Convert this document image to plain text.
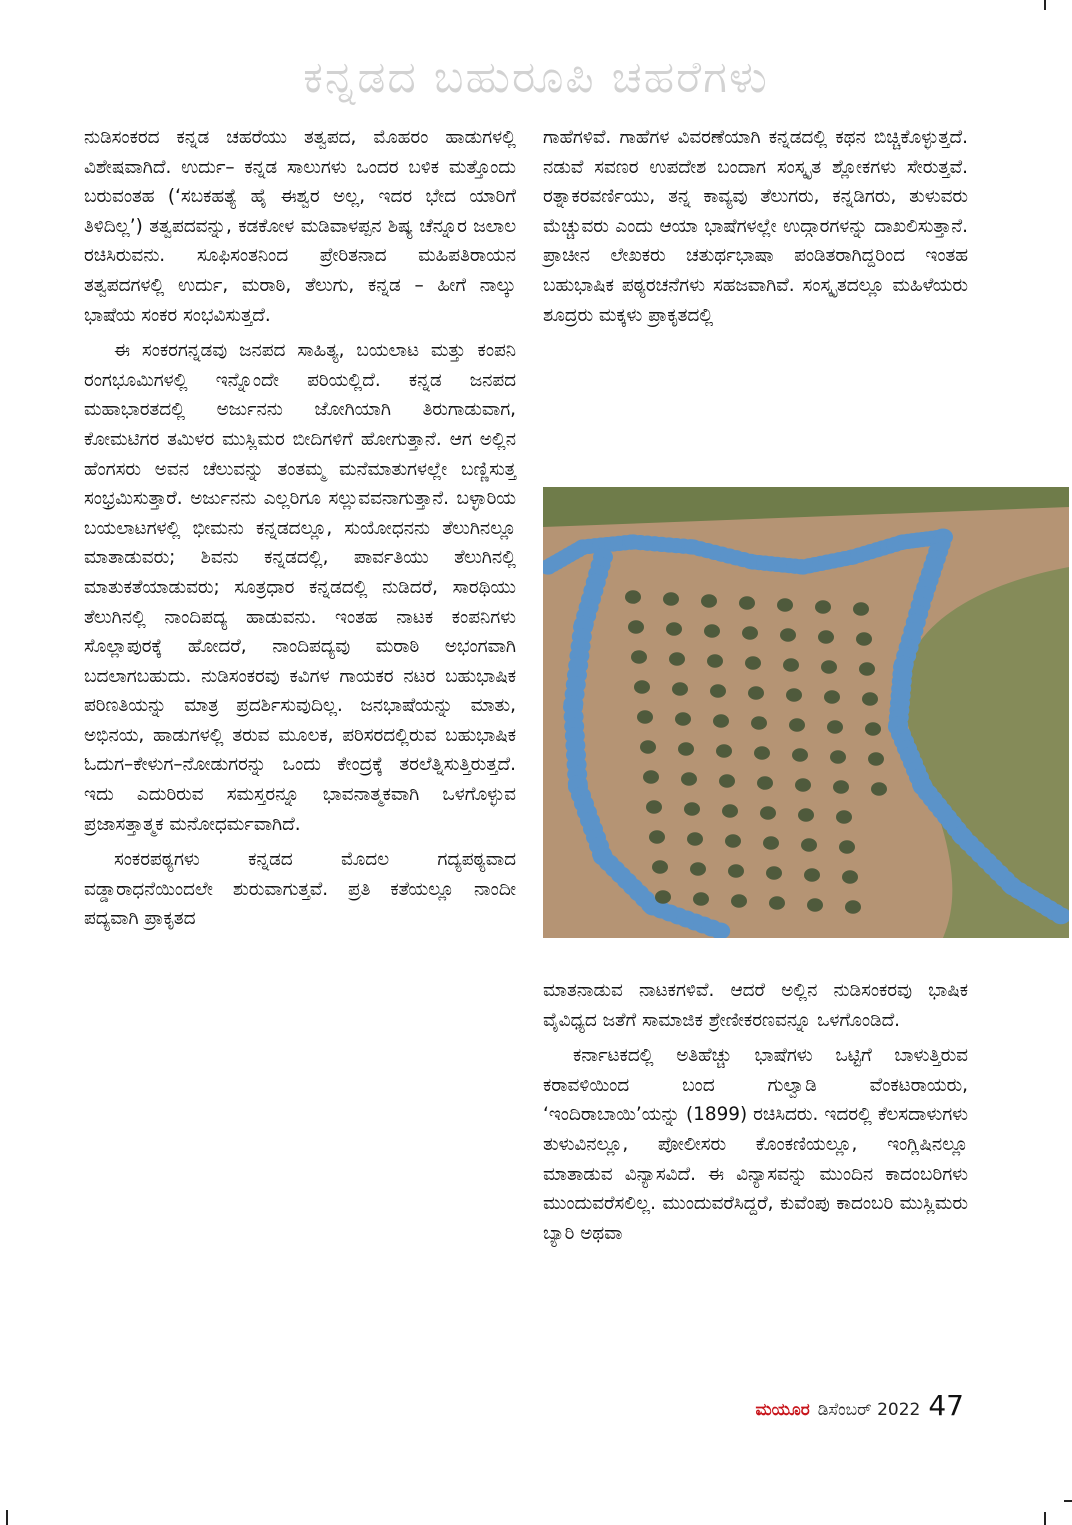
ಕನ್ನಡದ ಬಹುರೂಪಿ ಚಹರೆಗಳು

ನುಡಿಸಂಕರದ ಕನ್ನಡ ಚಹರೆಯು ತತ್ವಪದ, ಮೊಹರಂ ಹಾಡುಗಳಲ್ಲಿ ವಿಶೇಷವಾಗಿದೆ. ಉರ್ದು– ಕನ್ನಡ ಸಾಲುಗಳು ಒಂದರ ಬಳಿಕ ಮತ್ತೊಂದು ಬರುವಂತಹ (‘ಸಬಕಹತ್ಯೆ ಹೈ ಈಶ್ವರ ಅಲ್ಲ, ಇದರ ಭೇದ ಯಾರಿಗೆ ತಿಳಿದಿಲ್ಲ’) ತತ್ವಪದವನ್ನು, ಕಡಕೋಳ ಮಡಿವಾಳಪ್ಪನ ಶಿಷ್ಯ ಚೆನ್ನೂರ ಜಲಾಲ ರಚಿಸಿರುವನು. ಸೂಫಿಸಂತನಿಂದ ಪ್ರೇರಿತನಾದ ಮಹಿಪತಿರಾಯನ ತತ್ವಪದಗಳಲ್ಲಿ ಉರ್ದು, ಮರಾಠಿ, ತೆಲುಗು, ಕನ್ನಡ – ಹೀಗೆ ನಾಲ್ಕು ಭಾಷೆಯ ಸಂಕರ ಸಂಭವಿಸುತ್ತದೆ.

ಈ ಸಂಕರಗನ್ನಡವು ಜನಪದ ಸಾಹಿತ್ಯ, ಬಯಲಾಟ ಮತ್ತು ಕಂಪನಿ ರಂಗಭೂಮಿಗಳಲ್ಲಿ ಇನ್ನೊಂದೇ ಪರಿಯಲ್ಲಿದೆ. ಕನ್ನಡ ಜನಪದ ಮಹಾಭಾರತದಲ್ಲಿ ಅರ್ಜುನನು ಜೋಗಿಯಾಗಿ ತಿರುಗಾಡುವಾಗ, ಕೋಮಟಿಗರ ತಮಿಳರ ಮುಸ್ಲಿಮರ ಬೀದಿಗಳಿಗೆ ಹೋಗುತ್ತಾನೆ. ಆಗ ಅಲ್ಲಿನ ಹೆಂಗಸರು ಅವನ ಚೆಲುವನ್ನು ತಂತಮ್ಮ ಮನೆಮಾತುಗಳಲ್ಲೇ ಬಣ್ಣಿಸುತ್ತ ಸಂಭ್ರಮಿಸುತ್ತಾರೆ. ಅರ್ಜುನನು ಎಲ್ಲರಿಗೂ ಸಲ್ಲುವವನಾಗುತ್ತಾನೆ. ಬಳ್ಳಾರಿಯ ಬಯಲಾಟಗಳಲ್ಲಿ ಭೀಮನು ಕನ್ನಡದಲ್ಲೂ, ಸುಯೋಧನನು ತೆಲುಗಿನಲ್ಲೂ ಮಾತಾಡುವರು; ಶಿವನು ಕನ್ನಡದಲ್ಲಿ, ಪಾರ್ವತಿಯು ತೆಲುಗಿನಲ್ಲಿ ಮಾತುಕತೆಯಾಡುವರು; ಸೂತ್ರಧಾರ ಕನ್ನಡದಲ್ಲಿ ನುಡಿದರೆ, ಸಾರಥಿಯು ತೆಲುಗಿನಲ್ಲಿ ನಾಂದಿಪದ್ಯ ಹಾಡುವನು. ಇಂತಹ ನಾಟಕ ಕಂಪನಿಗಳು ಸೊಲ್ಲಾಪುರಕ್ಕೆ ಹೋದರೆ, ನಾಂದಿಪದ್ಯವು ಮರಾಠಿ ಅಭಂಗವಾಗಿ ಬದಲಾಗಬಹುದು. ನುಡಿಸಂಕರವು ಕವಿಗಳ ಗಾಯಕರ ನಟರ ಬಹುಭಾಷಿಕ ಪರಿಣತಿಯನ್ನು ಮಾತ್ರ ಪ್ರದರ್ಶಿಸುವುದಿಲ್ಲ. ಜನಭಾಷೆಯನ್ನು ಮಾತು, ಅಭಿನಯ, ಹಾಡುಗಳಲ್ಲಿ ತರುವ ಮೂಲಕ, ಪರಿಸರದಲ್ಲಿರುವ ಬಹುಭಾಷಿಕ ಓದುಗ–ಕೇಳುಗ–ನೋಡುಗರನ್ನು ಒಂದು ಕೇಂದ್ರಕ್ಕೆ ತರಲೆತ್ನಿಸುತ್ತಿರುತ್ತದೆ. ಇದು ಎದುರಿರುವ ಸಮಸ್ತರನ್ನೂ ಭಾವನಾತ್ಮಕವಾಗಿ ಒಳಗೊಳ್ಳುವ ಪ್ರಜಾಸತ್ತಾತ್ಮಕ ಮನೋಧರ್ಮವಾಗಿದೆ.

ಸಂಕರಪಠ್ಯಗಳು ಕನ್ನಡದ ಮೊದಲ ಗದ್ಯಪಠ್ಯವಾದ ವಡ್ಡಾರಾಧನೆಯಿಂದಲೇ ಶುರುವಾಗುತ್ತವೆ. ಪ್ರತಿ ಕತೆಯಲ್ಲೂ ನಾಂದೀ ಪದ್ಯವಾಗಿ ಪ್ರಾಕೃತದ

ಗಾಹೆಗಳಿವೆ. ಗಾಹೆಗಳ ವಿವರಣೆಯಾಗಿ ಕನ್ನಡದಲ್ಲಿ ಕಥನ ಬಿಚ್ಚಿಕೊಳ್ಳುತ್ತದೆ. ನಡುವೆ ಸವಣರ ಉಪದೇಶ ಬಂದಾಗ ಸಂಸ್ಕೃತ ಶ್ಲೋಕಗಳು ಸೇರುತ್ತವೆ. ರತ್ನಾಕರವರ್ಣಿಯು, ತನ್ನ ಕಾವ್ಯವು ತೆಲುಗರು, ಕನ್ನಡಿಗರು, ತುಳುವರು ಮೆಚ್ಚುವರು ಎಂದು ಆಯಾ ಭಾಷೆಗಳಲ್ಲೇ ಉದ್ಗಾರಗಳನ್ನು ದಾಖಲಿಸುತ್ತಾನೆ. ಪ್ರಾಚೀನ ಲೇಖಕರು ಚತುರ್ಥಭಾಷಾ ಪಂಡಿತರಾಗಿದ್ದರಿಂದ ಇಂತಹ ಬಹುಭಾಷಿಕ ಪಠ್ಯರಚನೆಗಳು ಸಹಜವಾಗಿವೆ. ಸಂಸ್ಕೃತದಲ್ಲೂ ಮಹಿಳೆಯರು ಶೂದ್ರರು ಮಕ್ಕಳು ಪ್ರಾಕೃತದಲ್ಲಿ

ಮಾತನಾಡುವ ನಾಟಕಗಳಿವೆ. ಆದರೆ ಅಲ್ಲಿನ ನುಡಿಸಂಕರವು ಭಾಷಿಕ ವೈವಿಧ್ಯದ ಜತೆಗೆ ಸಾಮಾಜಿಕ ಶ್ರೇಣೀಕರಣವನ್ನೂ ಒಳಗೊಂಡಿದೆ.

ಕರ್ನಾಟಕದಲ್ಲಿ ಅತಿಹೆಚ್ಚು ಭಾಷೆಗಳು ಒಟ್ಟಿಗೆ ಬಾಳುತ್ತಿರುವ ಕರಾವಳಿಯಿಂದ ಬಂದ ಗುಲ್ವಾಡಿ ವೆಂಕಟರಾಯರು, ‘ಇಂದಿರಾಬಾಯಿ’ಯನ್ನು (1899) ರಚಿಸಿದರು. ಇದರಲ್ಲಿ ಕೆಲಸದಾಳುಗಳು ತುಳುವಿನಲ್ಲೂ, ಪೋಲೀಸರು ಕೊಂಕಣಿಯಲ್ಲೂ, ಇಂಗ್ಲಿಷಿನಲ್ಲೂ ಮಾತಾಡುವ ವಿನ್ಯಾಸವಿದೆ. ಈ ವಿನ್ಯಾಸವನ್ನು ಮುಂದಿನ ಕಾದಂಬರಿಗಳು ಮುಂದುವರೆಸಲಿಲ್ಲ. ಮುಂದುವರೆಸಿದ್ದರೆ, ಕುವೆಂಪು ಕಾದಂಬರಿ ಮುಸ್ಲಿಮರು ಬ್ಯಾರಿ ಅಥವಾ

ಮಯೂರ ಡಿಸೆಂಬರ್ 2022 47
